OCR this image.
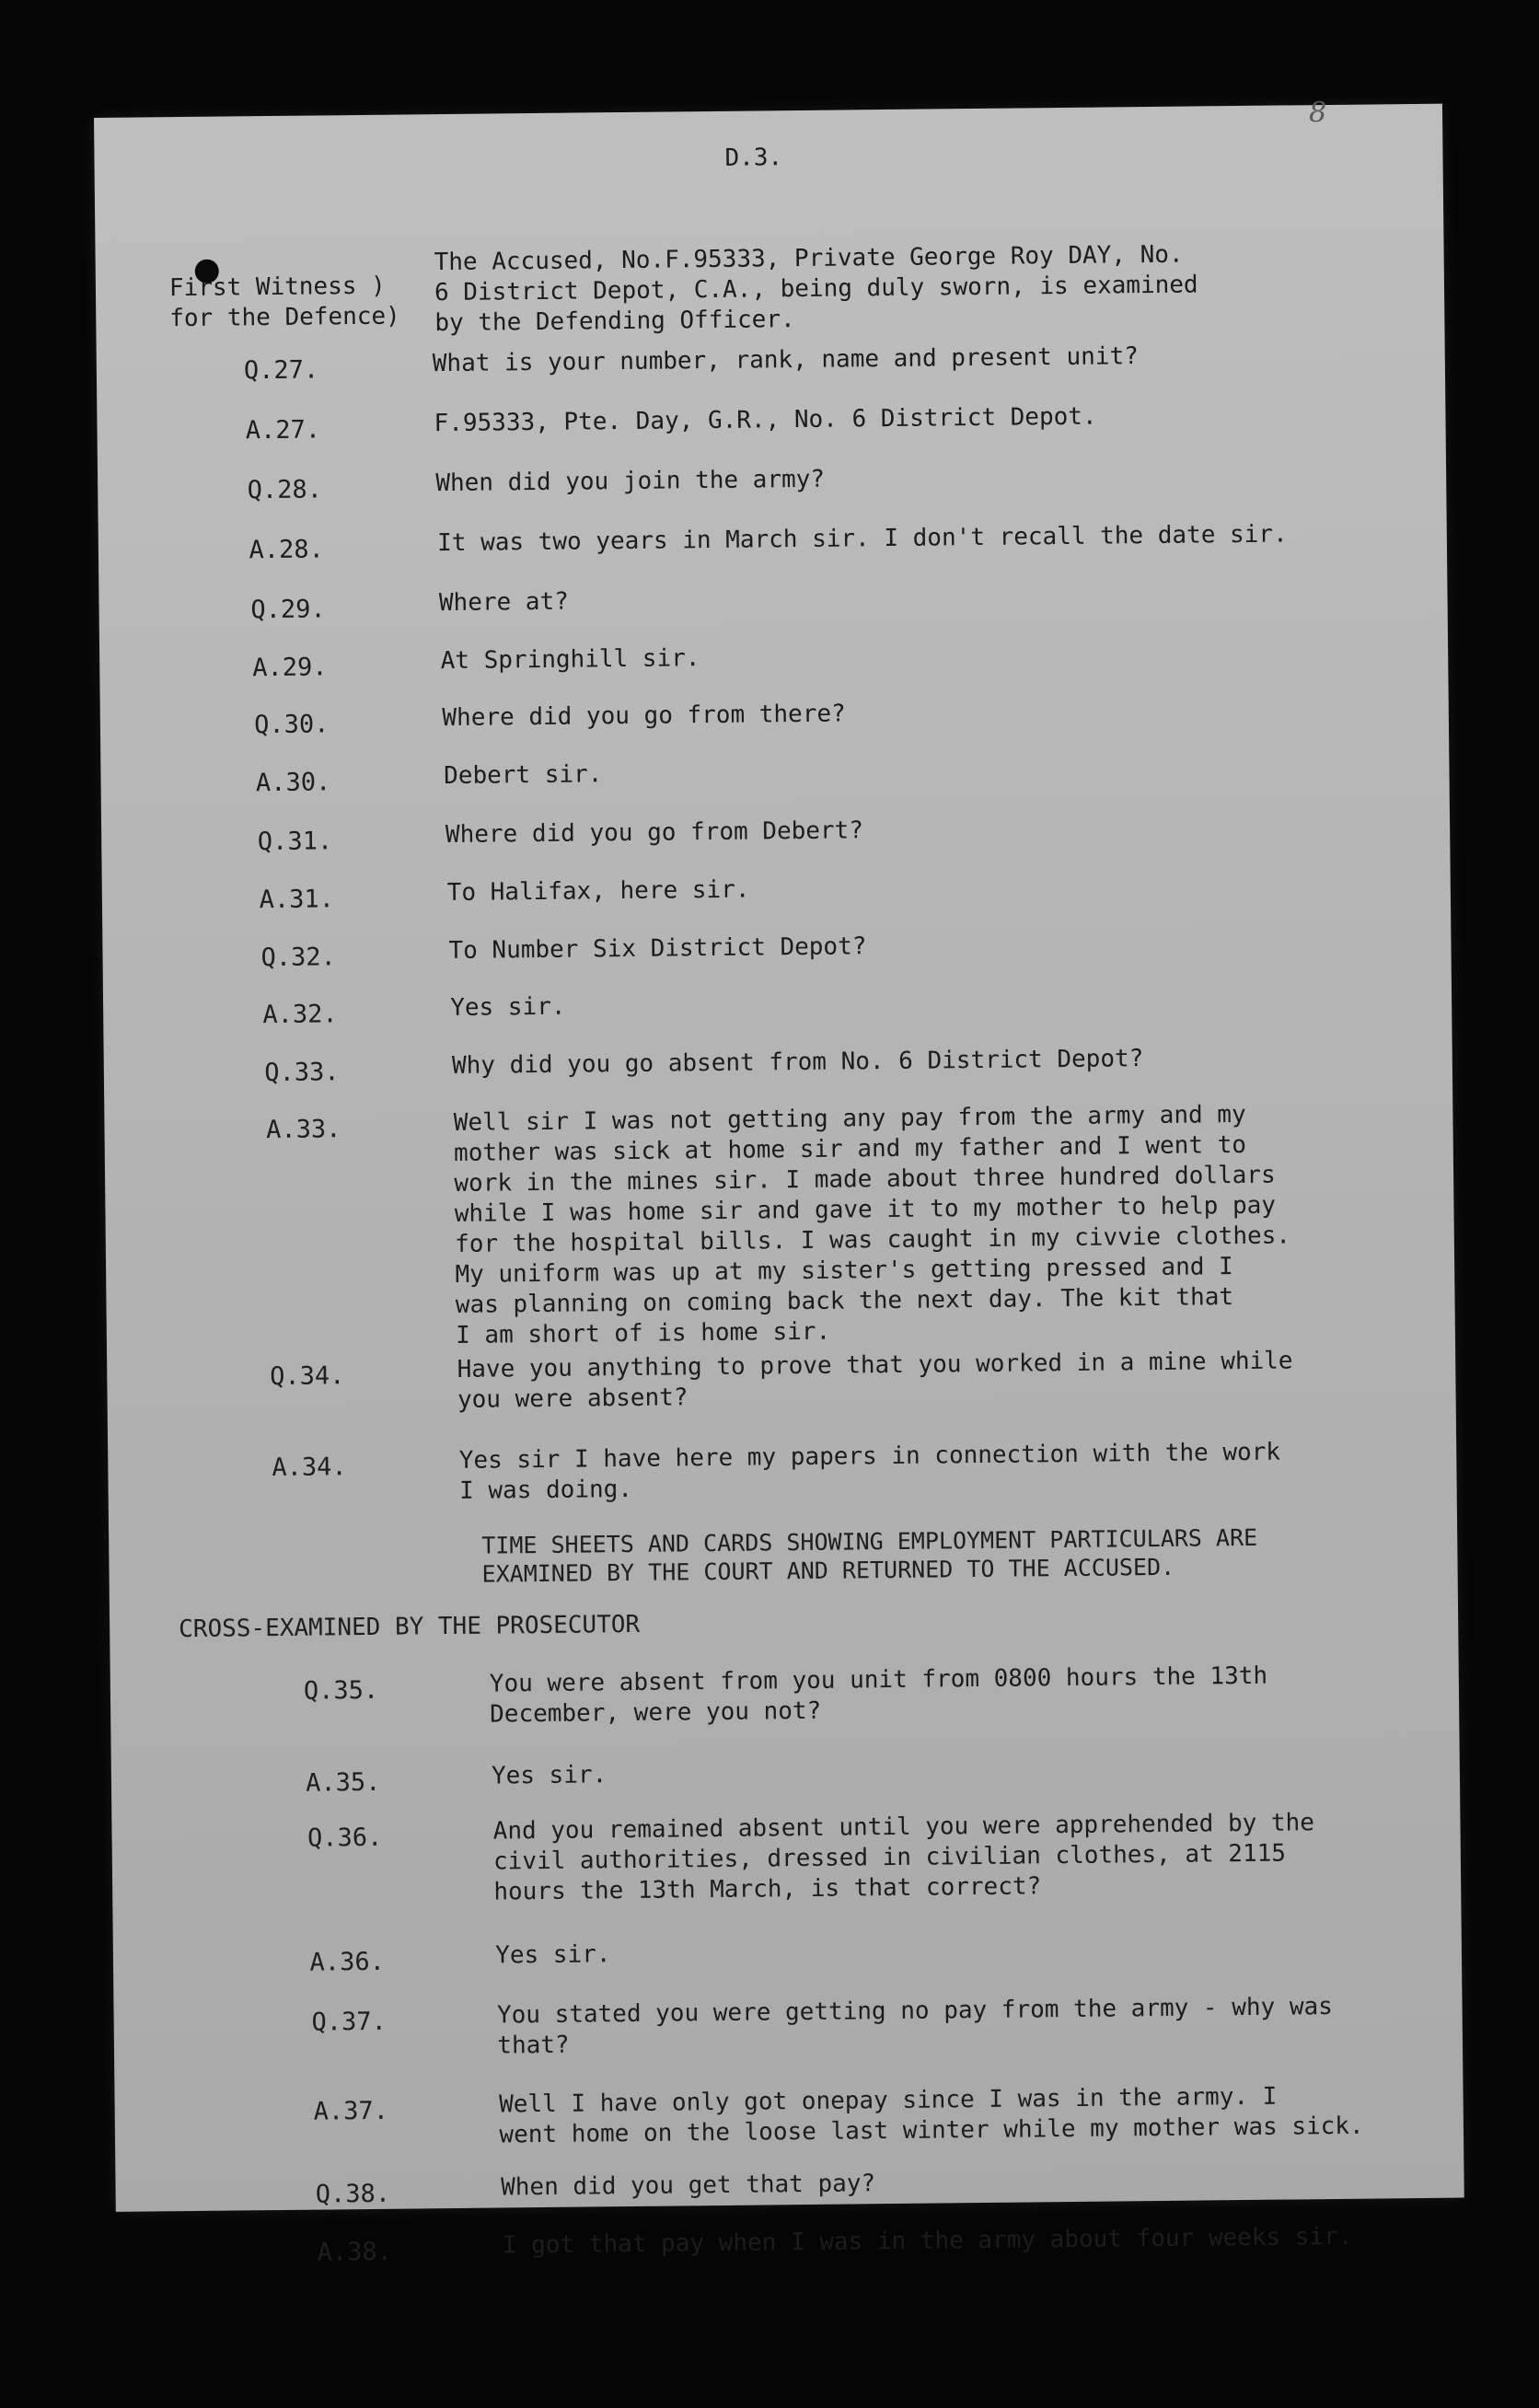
D.3.
8
First Witness )
for the Defence)
The Accused, No.F.95333, Private George Roy DAY, No.
6 District Depot, C.A., being duly sworn, is examined
by the Defending Officer.
Q.27.	What is your number, rank, name and present unit?
A.27.	F.95333, Pte. Day, G.R., No. 6 District Depot.
Q.28.	When did you join the army?
A.28.	It was two years in March sir. I don't recall the date sir.
Q.29.	Where at?
A.29.	At Springhill sir.
Q.30.	Where did you go from there?
A.30.	Debert sir.
Q.31.	Where did you go from Debert?
A.31.	To Halifax, here sir.
Q.32.	To Number Six District Depot?
A.32.	Yes sir.
Q.33.	Why did you go absent from No. 6 District Depot?
A.33.	Well sir I was not getting any pay from the army and my
mother was sick at home sir and my father and I went to
work in the mines sir. I made about three hundred dollars
while I was home sir and gave it to my mother to help pay
for the hospital bills. I was caught in my civvie clothes.
My uniform was up at my sister's getting pressed and I
was planning on coming back the next day. The kit that
I am short of is home sir.
Q.34.	Have you anything to prove that you worked in a mine while
you were absent?
A.34.	Yes sir I have here my papers in connection with the work
I was doing.
TIME SHEETS AND CARDS SHOWING EMPLOYMENT PARTICULARS ARE
EXAMINED BY THE COURT AND RETURNED TO THE ACCUSED.
CROSS-EXAMINED BY THE PROSECUTOR
Q.35.	You were absent from you unit from 0800 hours the 13th
December, were you not?
A.35.	Yes sir.
Q.36.	And you remained absent until you were apprehended by the
civil authorities, dressed in civilian clothes, at 2115
hours the 13th March, is that correct?
A.36.	Yes sir.
Q.37.	You stated you were getting no pay from the army - why was
that?
A.37.	Well I have only got onepay since I was in the army. I
went home on the loose last winter while my mother was sick.
Q.38.	When did you get that pay?
A.38.	I got that pay when I was in the army about four weeks sir.
